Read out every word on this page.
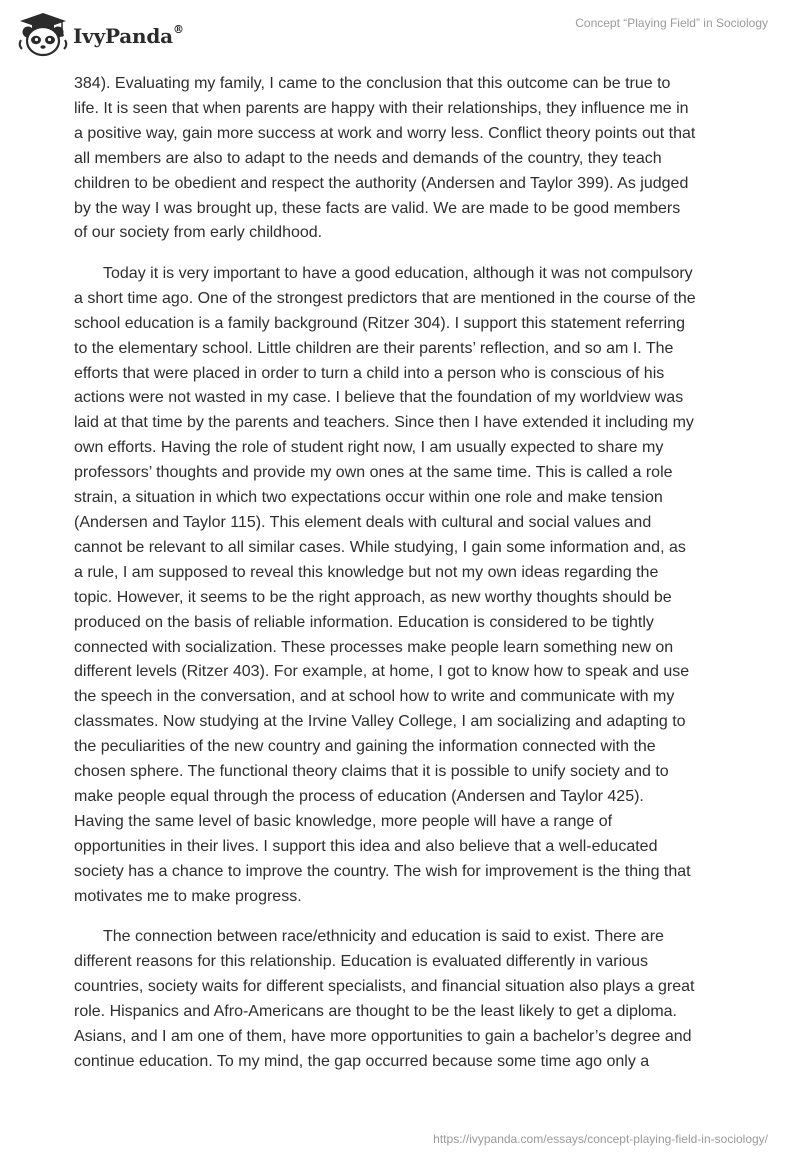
IvyPanda®	Concept “Playing Field” in Sociology

384). Evaluating my family, I came to the conclusion that this outcome can be true to
life. It is seen that when parents are happy with their relationships, they influence me in
a positive way, gain more success at work and worry less. Conflict theory points out that
all members are also to adapt to the needs and demands of the country, they teach
children to be obedient and respect the authority (Andersen and Taylor 399). As judged
by the way I was brought up, these facts are valid. We are made to be good members
of our society from early childhood.

Today it is very important to have a good education, although it was not compulsory
a short time ago. One of the strongest predictors that are mentioned in the course of the
school education is a family background (Ritzer 304). I support this statement referring
to the elementary school. Little children are their parents’ reflection, and so am I. The
efforts that were placed in order to turn a child into a person who is conscious of his
actions were not wasted in my case. I believe that the foundation of my worldview was
laid at that time by the parents and teachers. Since then I have extended it including my
own efforts. Having the role of student right now, I am usually expected to share my
professors’ thoughts and provide my own ones at the same time. This is called a role
strain, a situation in which two expectations occur within one role and make tension
(Andersen and Taylor 115). This element deals with cultural and social values and
cannot be relevant to all similar cases. While studying, I gain some information and, as
a rule, I am supposed to reveal this knowledge but not my own ideas regarding the
topic. However, it seems to be the right approach, as new worthy thoughts should be
produced on the basis of reliable information. Education is considered to be tightly
connected with socialization. These processes make people learn something new on
different levels (Ritzer 403). For example, at home, I got to know how to speak and use
the speech in the conversation, and at school how to write and communicate with my
classmates. Now studying at the Irvine Valley College, I am socializing and adapting to
the peculiarities of the new country and gaining the information connected with the
chosen sphere. The functional theory claims that it is possible to unify society and to
make people equal through the process of education (Andersen and Taylor 425).
Having the same level of basic knowledge, more people will have a range of
opportunities in their lives. I support this idea and also believe that a well-educated
society has a chance to improve the country. The wish for improvement is the thing that
motivates me to make progress.

The connection between race/ethnicity and education is said to exist. There are
different reasons for this relationship. Education is evaluated differently in various
countries, society waits for different specialists, and financial situation also plays a great
role. Hispanics and Afro-Americans are thought to be the least likely to get a diploma.
Asians, and I am one of them, have more opportunities to gain a bachelor’s degree and
continue education. To my mind, the gap occurred because some time ago only a

https://ivypanda.com/essays/concept-playing-field-in-sociology/
